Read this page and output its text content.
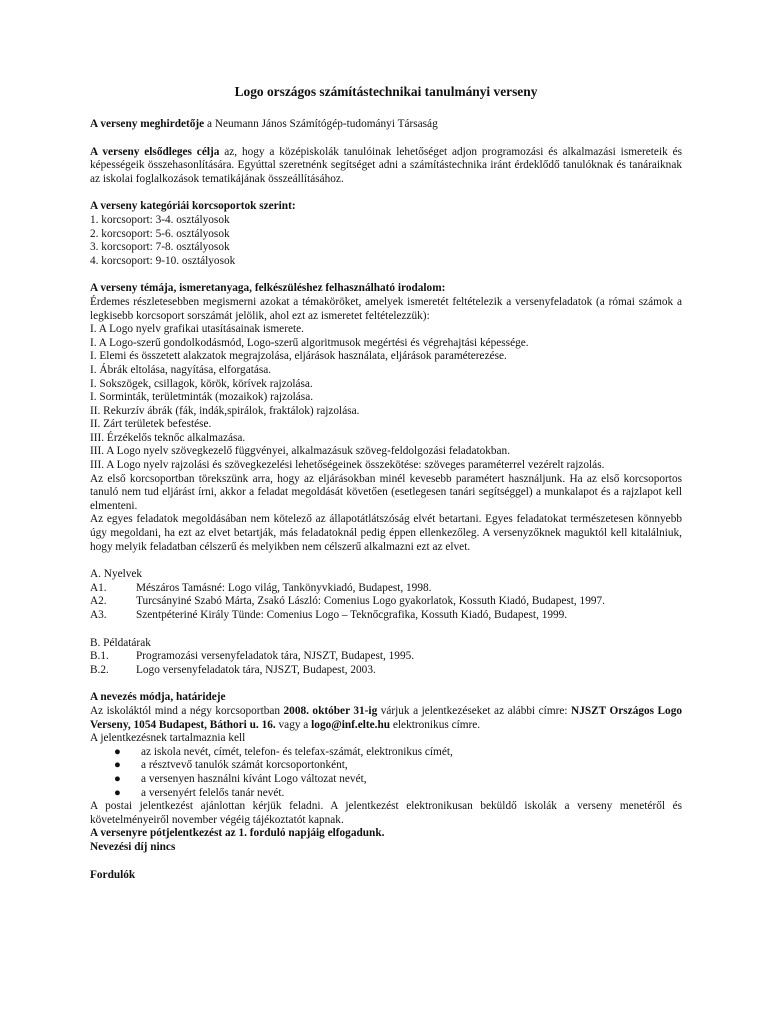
Logo országos számítástechnikai tanulmányi verseny

A verseny meghirdetője a Neumann János Számítógép-tudományi Társaság

A verseny elsődleges célja az, hogy a középiskolák tanulóinak lehetőséget adjon programozási és alkalmazási ismereteik és képességeik összehasonlítására. Egyúttal szeretnénk segítséget adni a számítástechnika iránt érdeklődő tanulóknak és tanáraiknak az iskolai foglalkozások tematikájának összeállításához.

A verseny kategóriái korcsoportok szerint:

1. korcsoport: 3-4. osztályosok

2. korcsoport: 5-6. osztályosok

3. korcsoport: 7-8. osztályosok

4. korcsoport: 9-10. osztályosok

A verseny témája, ismeretanyaga, felkészüléshez felhasználható irodalom:

Érdemes részletesebben megismerni azokat a témaköröket, amelyek ismeretét feltételezik a versenyfeladatok (a római számok a legkisebb korcsoport sorszámát jelölik, ahol ezt az ismeretet feltételezzük):

I. A Logo nyelv grafikai utasításainak ismerete.

I. A Logo-szerű gondolkodásmód, Logo-szerű algoritmusok megértési és végrehajtási képessége.

I. Elemi és összetett alakzatok megrajzolása, eljárások használata, eljárások paraméterezése.

I. Ábrák eltolása, nagyítása, elforgatása.

I. Sokszögek, csillagok, körök, körívek rajzolása.

I. Sorminták, területminták (mozaikok) rajzolása.

II. Rekurzív ábrák (fák, indák,spirálok, fraktálok) rajzolása.

II. Zárt területek befestése.

III. Érzékelős teknőc alkalmazása.

III. A Logo nyelv szövegkezelő függvényei, alkalmazásuk szöveg-feldolgozási feladatokban.

III. A Logo nyelv rajzolási és szövegkezelési lehetőségeinek összekötése: szöveges paraméterrel vezérelt rajzolás.

Az első korcsoportban törekszünk arra, hogy az eljárásokban minél kevesebb paramétert használjunk. Ha az első korcsoportos tanuló nem tud eljárást írni, akkor a feladat megoldását követően (esetlegesen tanári segítséggel) a munkalapot és a rajzlapot kell elmenteni.

Az egyes feladatok megoldásában nem kötelező az állapotátlátszóság elvét betartani. Egyes feladatokat természetesen könnyebb úgy megoldani, ha ezt az elvet betartják, más feladatoknál pedig éppen ellenkezőleg. A versenyzőknek maguktól kell kitalálniuk, hogy melyik feladatban célszerű és melyikben nem célszerű alkalmazni ezt az elvet.

A. Nyelvek

A1.	Mészáros Tamásné: Logo világ, Tankönyvkiadó, Budapest, 1998.
A2.	Turcsányiné Szabó Márta, Zsakó László: Comenius Logo gyakorlatok, Kossuth Kiadó, Budapest, 1997.
A3.	Szentpéteriné Király Tünde: Comenius Logo – Teknőcgrafika, Kossuth Kiadó, Budapest, 1999.

B. Példatárak

B.1.	Programozási versenyfeladatok tára, NJSZT, Budapest, 1995.
B.2.	Logo versenyfeladatok tára, NJSZT, Budapest, 2003.

A nevezés módja, határideje

Az iskoláktól mind a négy korcsoportban 2008. október 31-ig várjuk a jelentkezéseket az alábbi címre: NJSZT Országos Logo Verseny, 1054 Budapest, Báthori u. 16. vagy a logo@inf.elte.hu elektronikus címre.

A jelentkezésnek tartalmaznia kell

●	az iskola nevét, címét, telefon- és telefax-számát, elektronikus címét,
●	a résztvevő tanulók számát korcsoportonként,
●	a versenyen használni kívánt Logo változat nevét,
●	a versenyért felelős tanár nevét.

A postai jelentkezést ajánlottan kérjük feladni. A jelentkezést elektronikusan beküldő iskolák a verseny menetéről és követelményeiről november végéig tájékoztatót kapnak.

A versenyre pótjelentkezést az 1. forduló napjáig elfogadunk.

Nevezési díj nincs

Fordulók
